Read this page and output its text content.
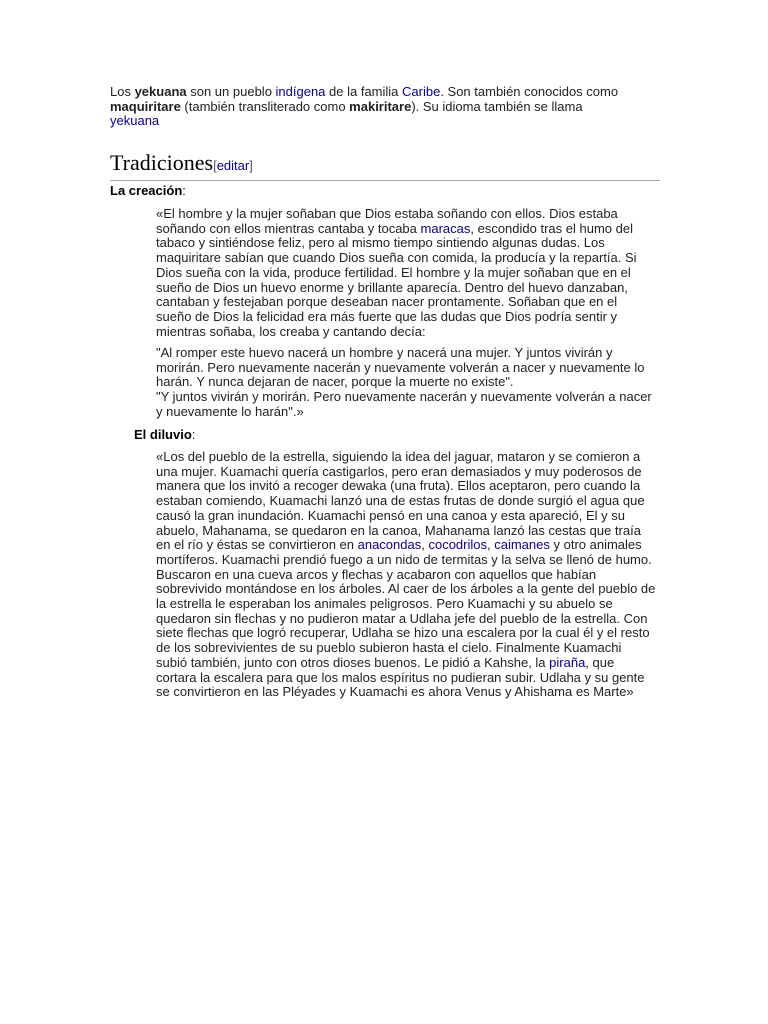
Los yekuana son un pueblo indígena de la familia Caribe. Son también conocidos como maquiritare (también transliterado como makiritare). Su idioma también se llama yekuana

Tradiciones[editar]
La creación:

«El hombre y la mujer soñaban que Dios estaba soñando con ellos. Dios estaba soñando con ellos mientras cantaba y tocaba maracas, escondido tras el humo del tabaco y sintiéndose feliz, pero al mismo tiempo sintiendo algunas dudas. Los maquiritare sabían que cuando Dios sueña con comida, la producía y la repartía. Si Dios sueña con la vida, produce fertilidad. El hombre y la mujer soñaban que en el sueño de Dios un huevo enorme y brillante aparecía. Dentro del huevo danzaban, cantaban y festejaban porque deseaban nacer prontamente. Soñaban que en el sueño de Dios la felicidad era más fuerte que las dudas que Dios podría sentir y mientras soñaba, los creaba y cantando decía:

"Al romper este huevo nacerá un hombre y nacerá una mujer. Y juntos vivirán y morirán. Pero nuevamente nacerán y nuevamente volverán a nacer y nuevamente lo harán. Y nunca dejaran de nacer, porque la muerte no existe".

"Y juntos vivirán y morirán. Pero nuevamente nacerán y nuevamente volverán a nacer y nuevamente lo harán".»

El diluvio:

«Los del pueblo de la estrella, siguiendo la idea del jaguar, mataron y se comieron a una mujer. Kuamachi quería castigarlos, pero eran demasiados y muy poderosos de manera que los invitó a recoger dewaka (una fruta). Ellos aceptaron, pero cuando la estaban comiendo, Kuamachi lanzó una de estas frutas de donde surgió el agua que causó la gran inundación. Kuamachi pensó en una canoa y esta apareció, El y su abuelo, Mahanama, se quedaron en la canoa, Mahanama lanzó las cestas que traía en el río y éstas se convirtieron en anacondas, cocodrilos, caimanes y otro animales mortíferos. Kuamachi prendió fuego a un nido de termitas y la selva se llenó de humo. Buscaron en una cueva arcos y flechas y acabaron con aquellos que habían sobrevivido montándose en los árboles. Al caer de los árboles a la gente del pueblo de la estrella le esperaban los animales peligrosos. Pero Kuamachi y su abuelo se quedaron sin flechas y no pudieron matar a Udlaha jefe del pueblo de la estrella. Con siete flechas que logró recuperar, Udlaha se hizo una escalera por la cual él y el resto de los sobrevivientes de su pueblo subieron hasta el cielo. Finalmente Kuamachi subió también, junto con otros dioses buenos. Le pidió a Kahshe, la piraña, que cortara la escalera para que los malos espíritus no pudieran subir. Udlaha y su gente se convirtieron en las Pléyades y Kuamachi es ahora Venus y Ahishama es Marte»
